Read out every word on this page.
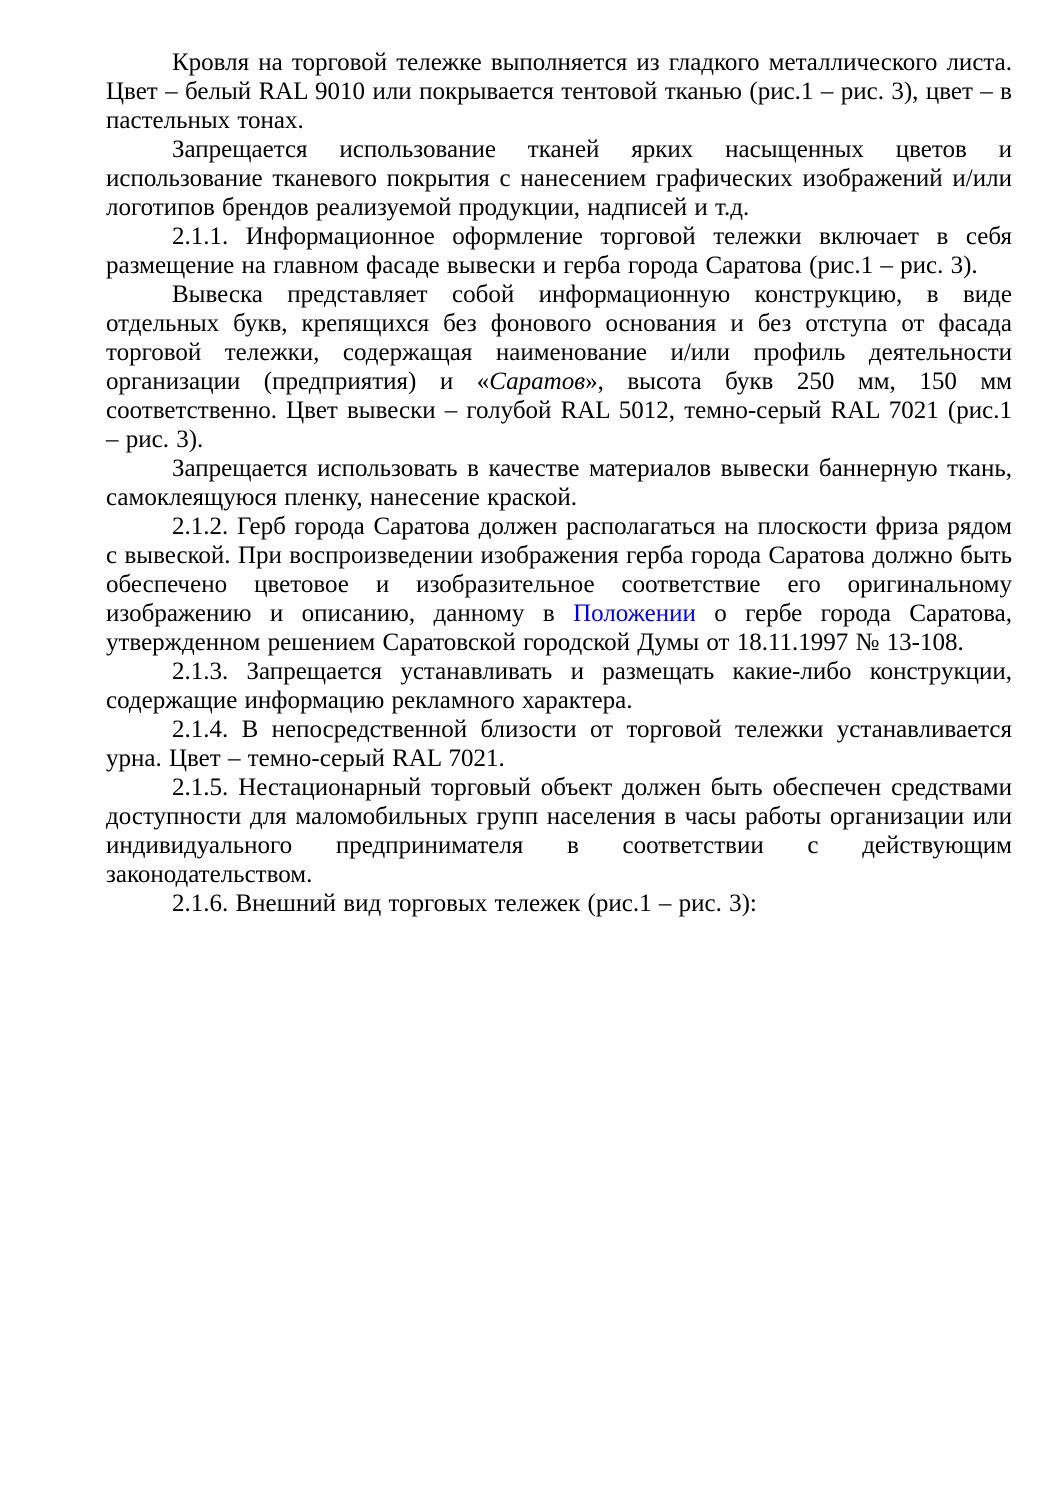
Кровля на торговой тележке выполняется из гладкого металлического листа. Цвет – белый RAL 9010 или покрывается тентовой тканью (рис.1 – рис. 3), цвет – в пастельных тонах.

Запрещается использование тканей ярких насыщенных цветов и использование тканевого покрытия с нанесением графических изображений и/или логотипов брендов реализуемой продукции, надписей и т.д.

2.1.1. Информационное оформление торговой тележки включает в себя размещение на главном фасаде вывески и герба города Саратова (рис.1 – рис. 3).

Вывеска представляет собой информационную конструкцию, в виде отдельных букв, крепящихся без фонового основания и без отступа от фасада торговой тележки, содержащая наименование и/или профиль деятельности организации (предприятия) и «Саратов», высота букв 250 мм, 150 мм соответственно. Цвет вывески – голубой RAL 5012, темно-серый RAL 7021 (рис.1 – рис. 3).

Запрещается использовать в качестве материалов вывески баннерную ткань, самоклеящуюся пленку, нанесение краской.

2.1.2. Герб города Саратова должен располагаться на плоскости фриза рядом с вывеской. При воспроизведении изображения герба города Саратова должно быть обеспечено цветовое и изобразительное соответствие его оригинальному изображению и описанию, данному в Положении о гербе города Саратова, утвержденном решением Саратовской городской Думы от 18.11.1997 № 13-108.

2.1.3. Запрещается устанавливать и размещать какие-либо конструкции, содержащие информацию рекламного характера.

2.1.4. В непосредственной близости от торговой тележки устанавливается урна. Цвет – темно-серый RAL 7021.

2.1.5. Нестационарный торговый объект должен быть обеспечен средствами доступности для маломобильных групп населения в часы работы организации или индивидуального предпринимателя в соответствии с действующим законодательством.

2.1.6. Внешний вид торговых тележек (рис.1 – рис. 3):
